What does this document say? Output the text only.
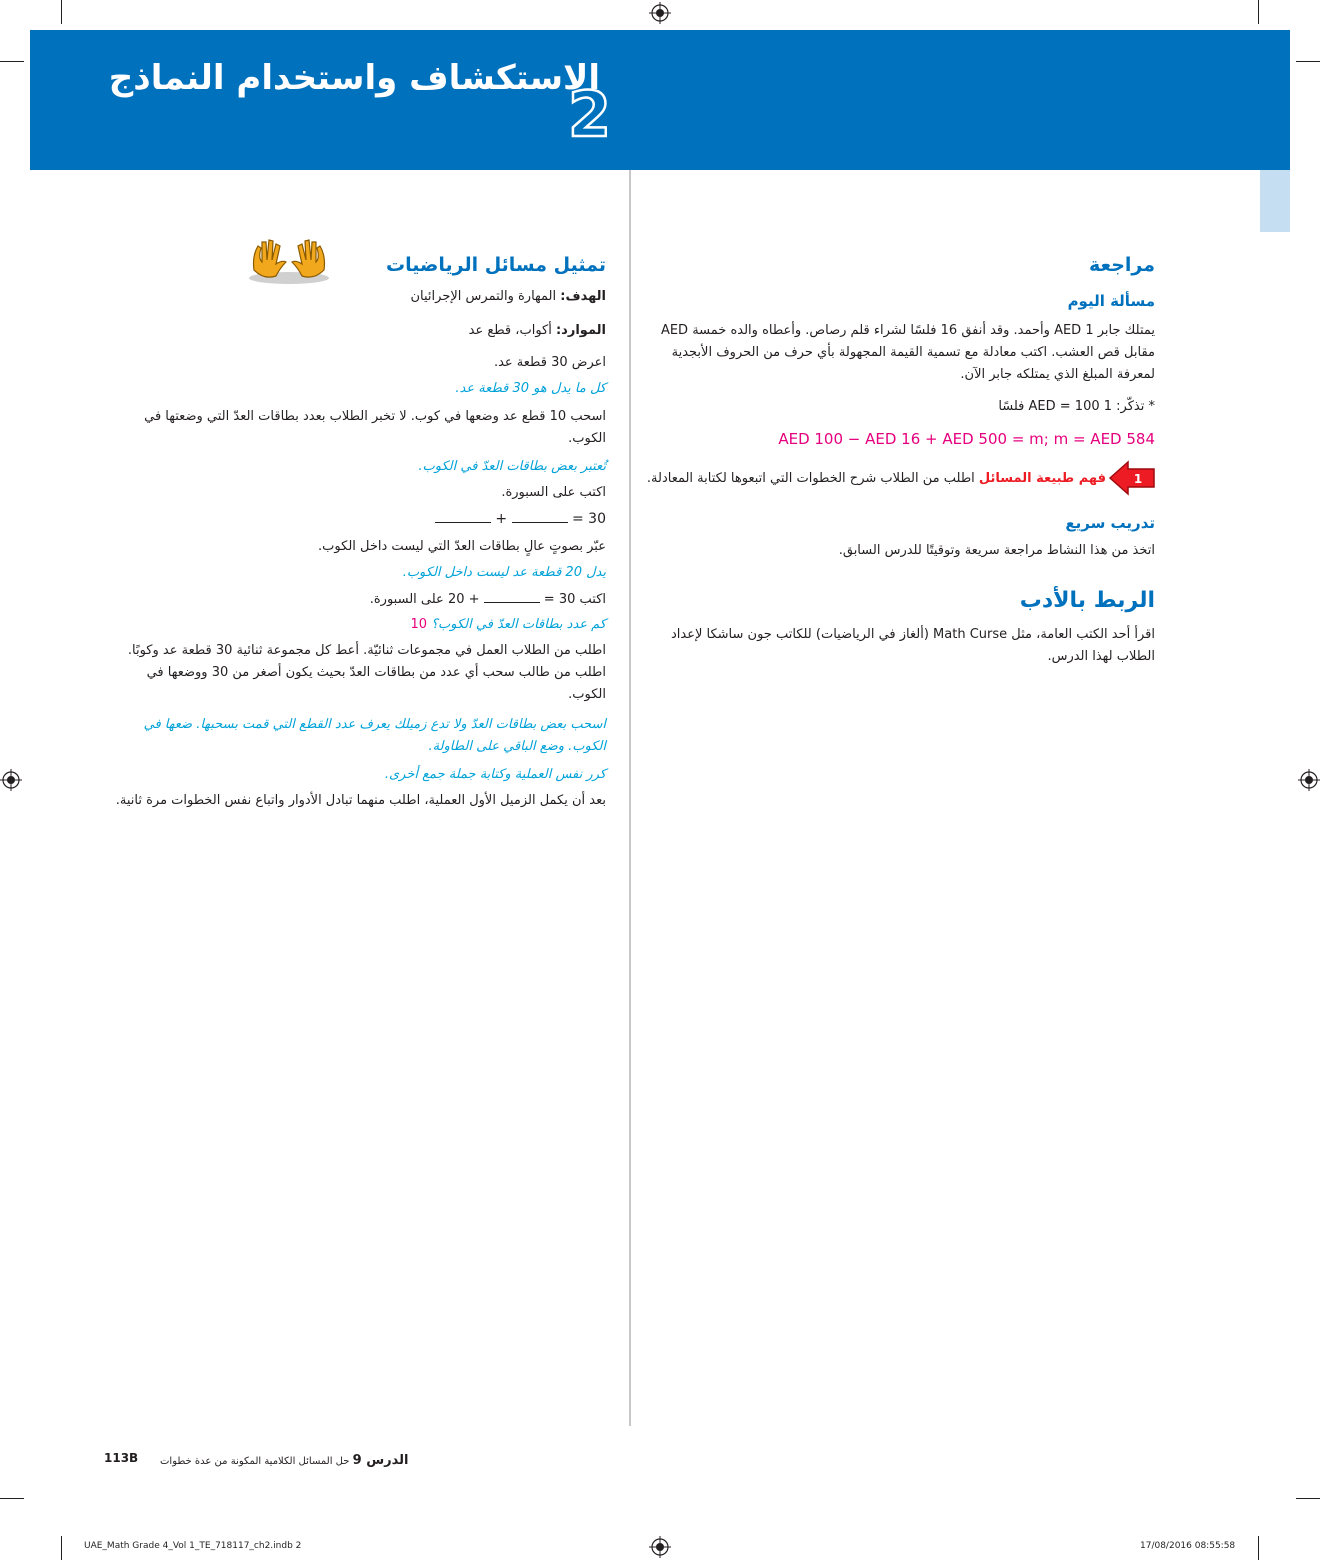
الاستكشاف واستخدام النماذج
2
مراجعة
مسألة اليوم
يمتلك جابر 1 AED وأحمد. وقد أنفق 16 فلسًا لشراء قلم رصاص. وأعطاه والده خمسة AED مقابل قص العشب. اكتب معادلة مع تسمية القيمة المجهولة بأي حرف من الحروف الأبجدية لمعرفة المبلغ الذي يمتلكه جابر الآن.
* تذكّر: 1 AED = 100 فلسًا
AED 100 − AED 16 + AED 500 = m; m = AED 584
1
فهم طبيعة المسائل اطلب من الطلاب شرح الخطوات التي اتبعوها لكتابة المعادلة.
تدريب سريع
اتخذ من هذا النشاط مراجعة سريعة وتوقيتًا للدرس السابق.
الربط بالأدب
اقرأ أحد الكتب العامة، مثل Math Curse (ألغاز في الرياضيات) للكاتب جون ساشكا لإعداد الطلاب لهذا الدرس.
تمثيل مسائل الرياضيات
الهدف: المهارة والتمرس الإجرائيان
الموارد: أكواب، قطع عد
اعرض 30 قطعة عد.
كل ما يدل هو 30 قطعة عد.
اسحب 10 قطع عد وضعها في كوب. لا تخبر الطلاب بعدد بطاقات العدّ التي وضعتها في الكوب.
تُعتبر بعض بطاقات العدّ في الكوب.
اكتب على السبورة.
+	= 30
عبّر بصوتٍ عالٍ بطاقات العدّ التي ليست داخل الكوب.
يدل 20 قطعة عد ليست داخل الكوب.
اكتب 30 =  + 20 على السبورة.
كم عدد بطاقات العدّ في الكوب؟ 10
اطلب من الطلاب العمل في مجموعات ثنائيّة. أعط كل مجموعة ثنائية 30 قطعة عد وكوبًا. اطلب من طالب سحب أي عدد من بطاقات العدّ بحيث يكون أصغر من 30 ووضعها في الكوب.
اسحب بعض بطاقات العدّ ولا تدع زميلك يعرف عدد القطع التي قمت بسحبها. ضعها في الكوب. وضع الباقي على الطاولة.
كرر نفس العملية وكتابة جملة جمع أخرى.
بعد أن يكمل الزميل الأول العملية، اطلب منهما تبادل الأدوار واتباع نفس الخطوات مرة ثانية.
113B	الدرس 9 حل المسائل الكلامية المكونة من عدة خطوات
UAE_Math Grade 4_Vol 1_TE_718117_ch2.indb 2	17/08/2016 08:55:58
